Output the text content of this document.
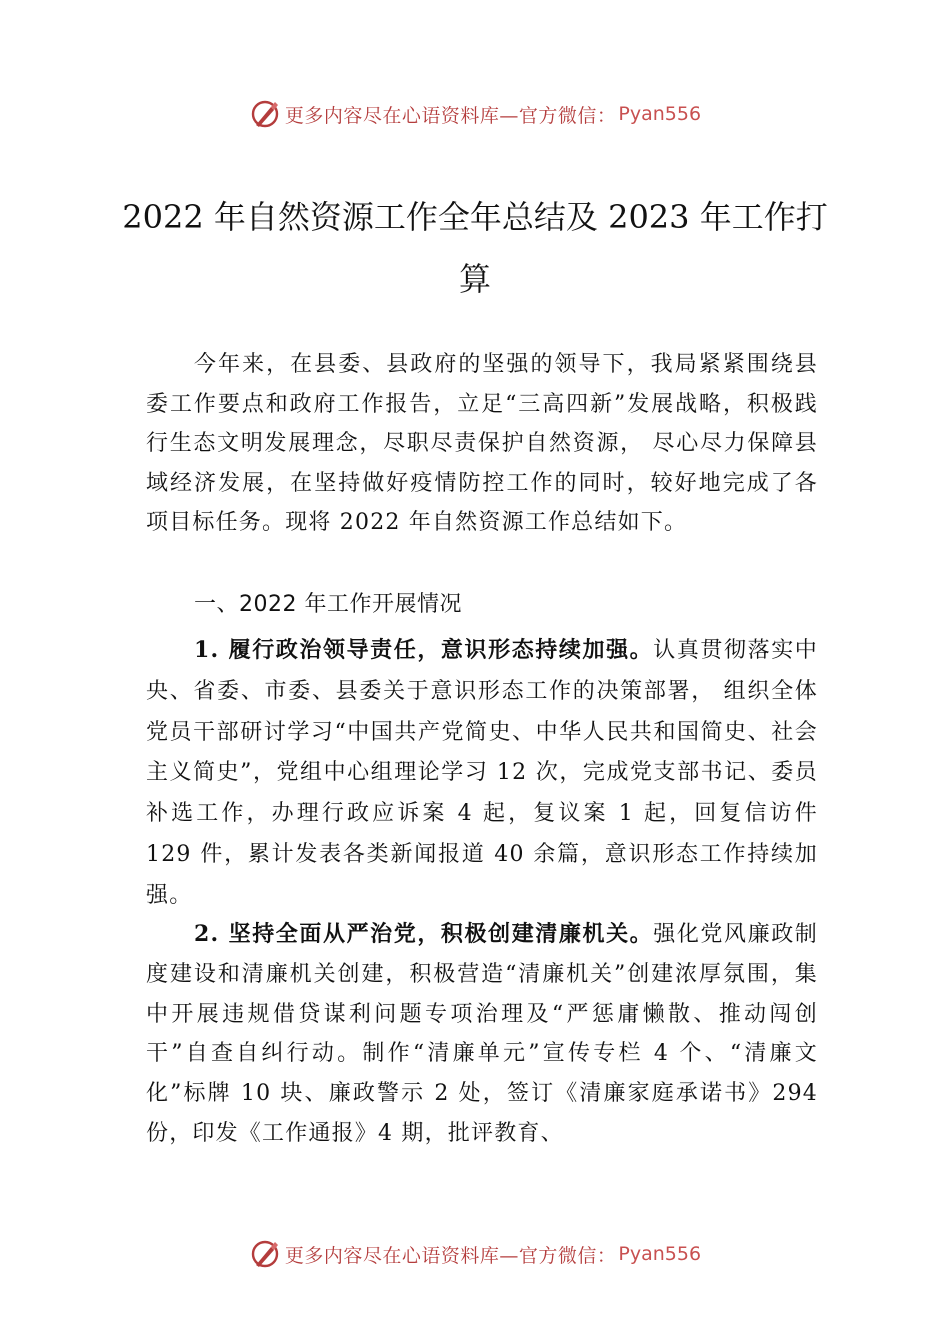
更多内容尽在心语资料库—官方微信： Pyan556
2022 年自然资源工作全年总结及 2023 年工作打算

今年来，在县委、县政府的坚强的领导下，我局紧紧围绕县委工作要点和政府工作报告，立足“三高四新”发展战略，积极践行生态文明发展理念，尽职尽责保护自然资源， 尽心尽力保障县域经济发展，在坚持做好疫情防控工作的同时，较好地完成了各项目标任务。现将 2022 年自然资源工作总结如下。

一、2022 年工作开展情况

1. 履行政治领导责任，意识形态持续加强。认真贯彻落实中央、省委、市委、县委关于意识形态工作的决策部署， 组织全体党员干部研讨学习“中国共产党简史、中华人民共和国简史、社会主义简史”，党组中心组理论学习 12 次，完成党支部书记、委员补选工作，办理行政应诉案 4 起，复议案 1 起，回复信访件 129 件，累计发表各类新闻报道 40 余篇，意识形态工作持续加强。

2. 坚持全面从严治党，积极创建清廉机关。强化党风廉政制度建设和清廉机关创建，积极营造“清廉机关”创建浓厚氛围，集中开展违规借贷谋利问题专项治理及“严惩庸懒散、推动闯创干”自查自纠行动。制作“清廉单元”宣传专栏 4 个、“清廉文化”标牌 10 块、廉政警示 2 处，签订《清廉家庭承诺书》294 份，印发《工作通报》4 期，批评教育、

更多内容尽在心语资料库—官方微信： Pyan556
